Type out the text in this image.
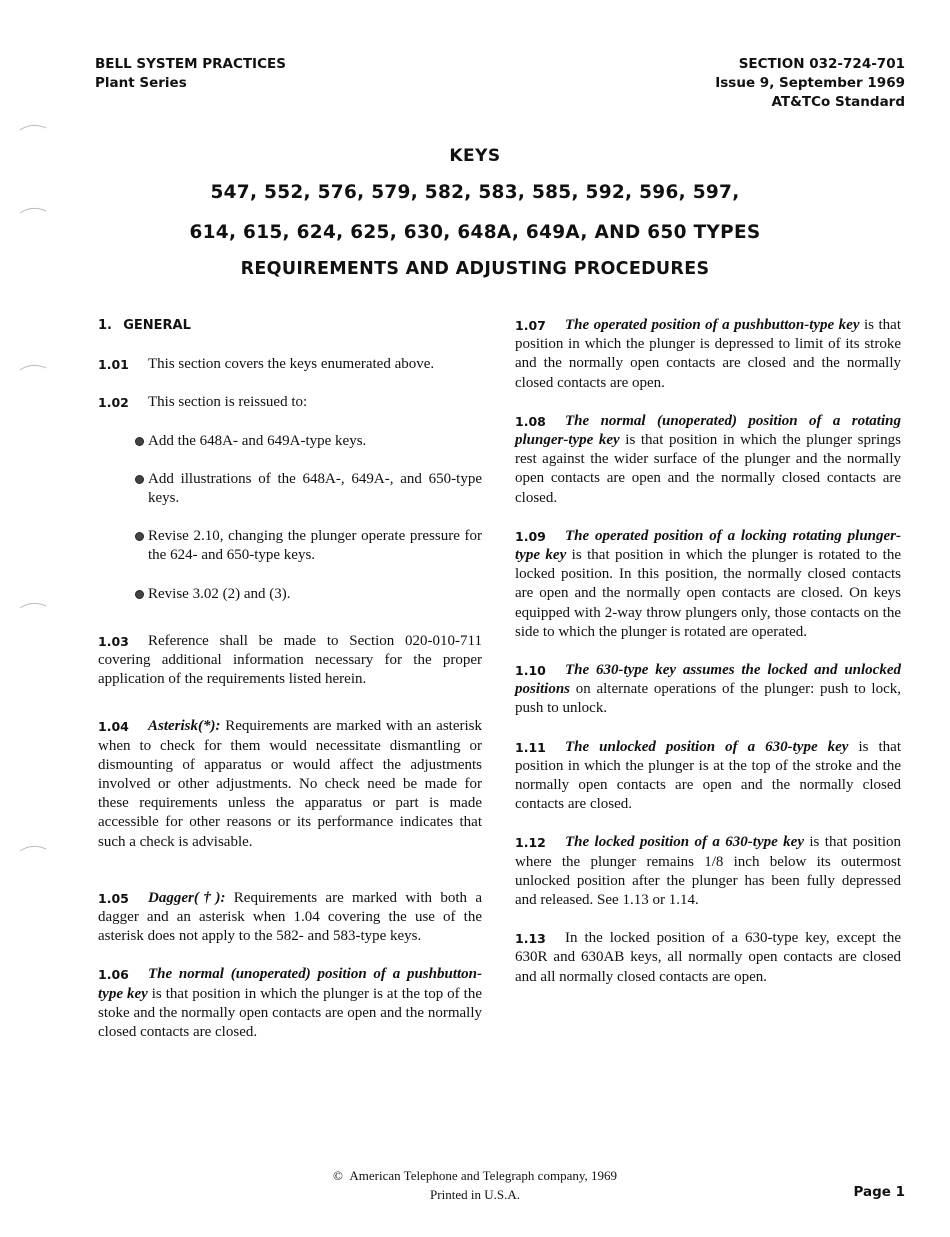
BELL SYSTEM PRACTICES
Plant Series
SECTION 032-724-701
Issue 9, September 1969
AT&TCo Standard
KEYS
547, 552, 576, 579, 582, 583, 585, 592, 596, 597,
614, 615, 624, 625, 630, 648A, 649A, AND 650 TYPES
REQUIREMENTS AND ADJUSTING PROCEDURES
1. GENERAL
1.01 This section covers the keys enumerated above.
1.02 This section is reissued to:
Add the 648A- and 649A-type keys.
Add illustrations of the 648A-, 649A-, and 650-type keys.
Revise 2.10, changing the plunger operate pressure for the 624- and 650-type keys.
Revise 3.02 (2) and (3).
1.03 Reference shall be made to Section 020-010-711 covering additional information necessary for the proper application of the requirements listed herein.
1.04 Asterisk(*): Requirements are marked with an asterisk when to check for them would necessitate dismantling or dismounting of apparatus or would affect the adjustments involved or other adjustments. No check need be made for these requirements unless the apparatus or part is made accessible for other reasons or its performance indicates that such a check is advisable.
1.05 Dagger(†): Requirements are marked with both a dagger and an asterisk when 1.04 covering the use of the asterisk does not apply to the 582- and 583-type keys.
1.06 The normal (unoperated) position of a pushbutton-type key is that position in which the plunger is at the top of the stoke and the normally open contacts are open and the normally closed contacts are closed.
1.07 The operated position of a pushbutton-type key is that position in which the plunger is depressed to limit of its stroke and the normally open contacts are closed and the normally closed contacts are open.
1.08 The normal (unoperated) position of a rotating plunger-type key is that position in which the plunger springs rest against the wider surface of the plunger and the normally open contacts are open and the normally closed contacts are closed.
1.09 The operated position of a locking rotating plunger-type key is that position in which the plunger is rotated to the locked position. In this position, the normally closed contacts are open and the normally open contacts are closed. On keys equipped with 2-way throw plungers only, those contacts on the side to which the plunger is rotated are operated.
1.10 The 630-type key assumes the locked and unlocked positions on alternate operations of the plunger: push to lock, push to unlock.
1.11 The unlocked position of a 630-type key is that position in which the plunger is at the top of the stroke and the normally open contacts are open and the normally closed contacts are closed.
1.12 The locked position of a 630-type key is that position where the plunger remains 1/8 inch below its outermost unlocked position after the plunger has been fully depressed and released. See 1.13 or 1.14.
1.13 In the locked position of a 630-type key, except the 630R and 630AB keys, all normally open contacts are closed and all normally closed contacts are open.
© American Telephone and Telegraph company, 1969
Printed in U.S.A.	Page 1
